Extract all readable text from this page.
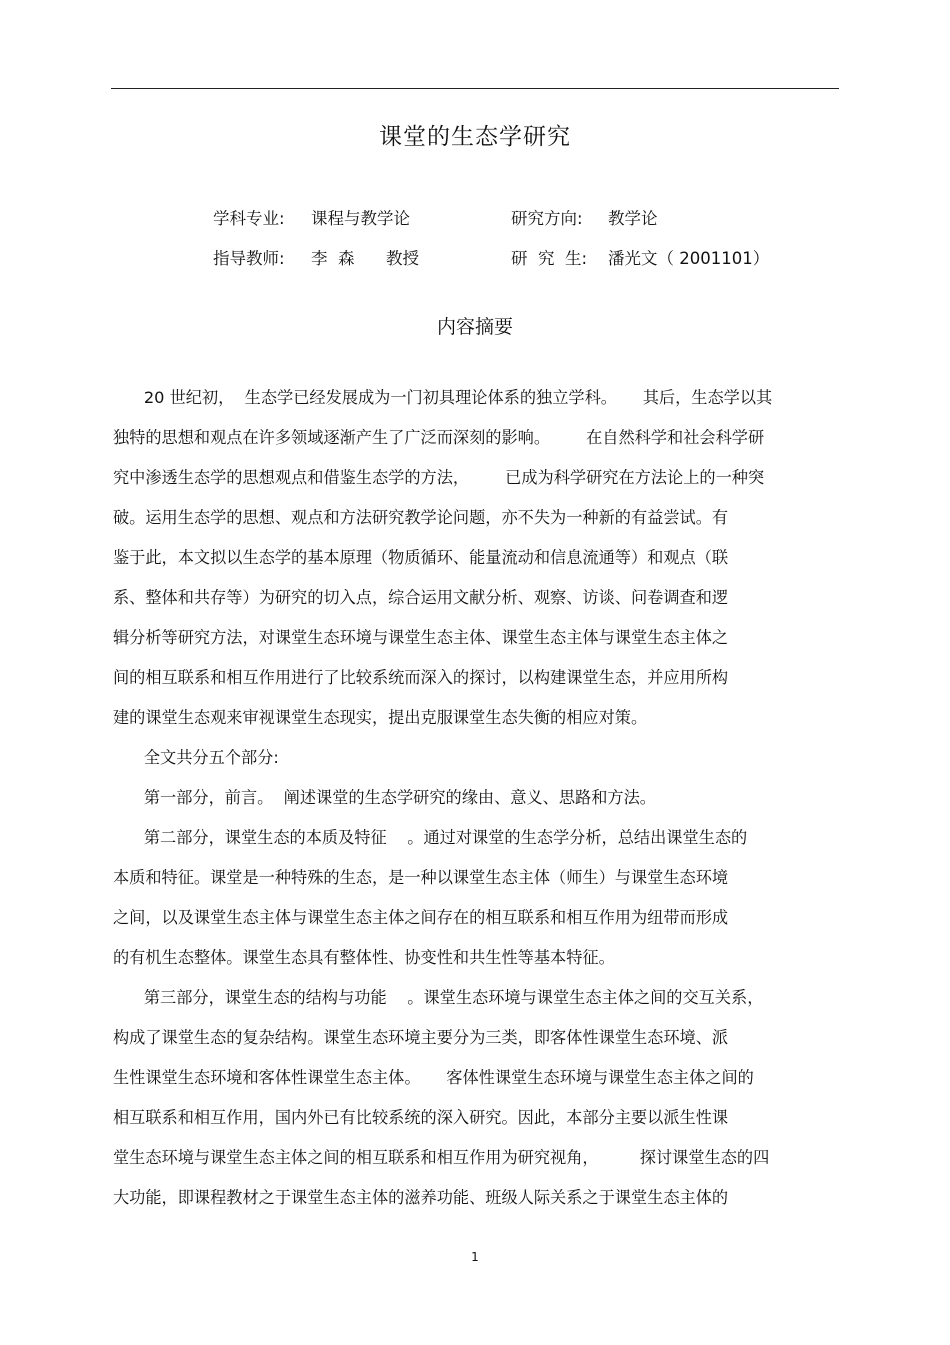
课堂的生态学研究
学科专业: 课程与教学论	研究方向: 教学论
指导教师: 李  森      教授	研  究  生: 潘光文（ 2001101）
内容摘要

20 世纪初，  生态学已经发展成为一门初具理论体系的独立学科。     其后，生态学以其

独特的思想和观点在许多领域逐渐产生了广泛而深刻的影响。       在自然科学和社会科学研

究中渗透生态学的思想观点和借鉴生态学的方法，       已成为科学研究在方法论上的一种突

破。运用生态学的思想、观点和方法研究教学论问题，亦不失为一种新的有益尝试。有

鉴于此，本文拟以生态学的基本原理（物质循环、能量流动和信息流通等）和观点（联

系、整体和共存等）为研究的切入点，综合运用文献分析、观察、访谈、问卷调查和逻

辑分析等研究方法，对课堂生态环境与课堂生态主体、课堂生态主体与课堂生态主体之

间的相互联系和相互作用进行了比较系统而深入的探讨，以构建课堂生态，并应用所构

建的课堂生态观来审视课堂生态现实，提出克服课堂生态失衡的相应对策。

全文共分五个部分:

第一部分，前言。  阐述课堂的生态学研究的缘由、意义、思路和方法。

第二部分，课堂生态的本质及特征    。通过对课堂的生态学分析，总结出课堂生态的

本质和特征。课堂是一种特殊的生态，是一种以课堂生态主体（师生）与课堂生态环境

之间，以及课堂生态主体与课堂生态主体之间存在的相互联系和相互作用为纽带而形成

的有机生态整体。课堂生态具有整体性、协变性和共生性等基本特征。

第三部分，课堂生态的结构与功能    。课堂生态环境与课堂生态主体之间的交互关系，

构成了课堂生态的复杂结构。课堂生态环境主要分为三类，即客体性课堂生态环境、派

生性课堂生态环境和客体性课堂生态主体。     客体性课堂生态环境与课堂生态主体之间的

相互联系和相互作用，国内外已有比较系统的深入研究。因此，本部分主要以派生性课

堂生态环境与课堂生态主体之间的相互联系和相互作用为研究视角，        探讨课堂生态的四

大功能，即课程教材之于课堂生态主体的滋养功能、班级人际关系之于课堂生态主体的

1
